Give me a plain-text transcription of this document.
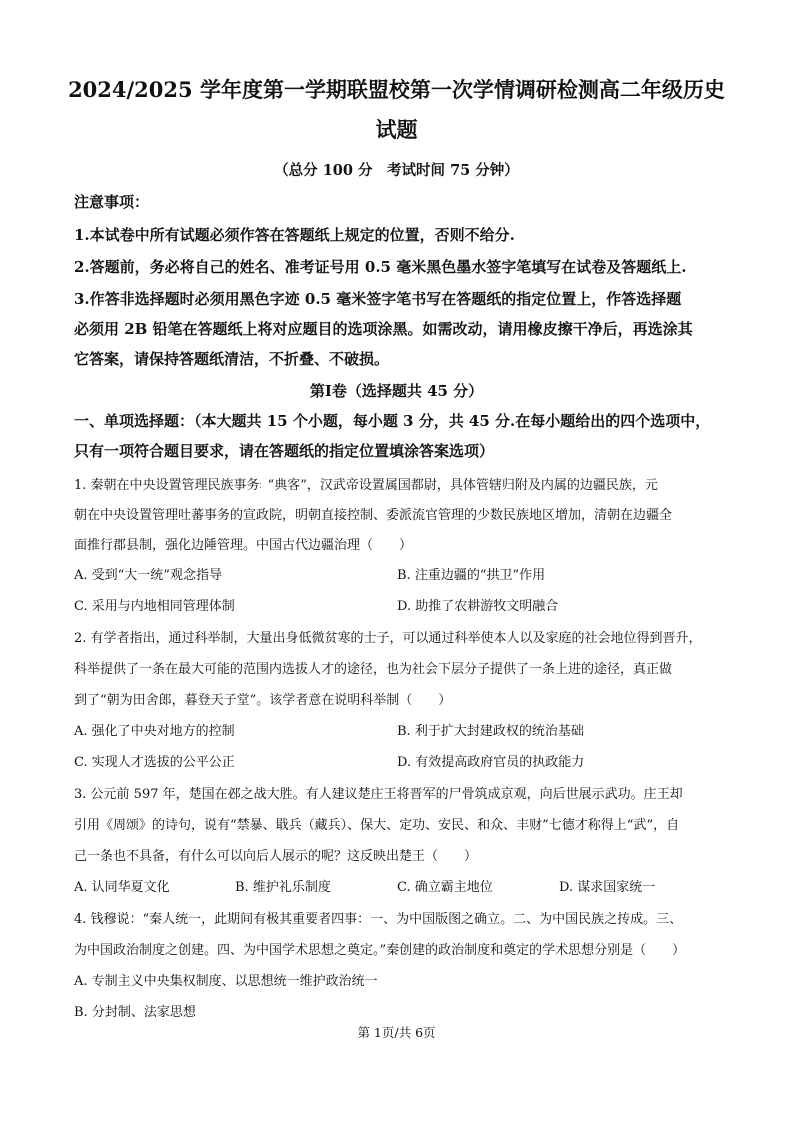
2024/2025 学年度第一学期联盟校第一次学情调研检测高二年级历史
试题
（总分 100 分　考试时间 75 分钟）
注意事项：
1.本试卷中所有试题必须作答在答题纸上规定的位置，否则不给分.
2.答题前，务必将自己的姓名、准考证号用 0.5 毫米黑色墨水签字笔填写在试卷及答题纸上.
3.作答非选择题时必须用黑色字迹 0.5 毫米签字笔书写在答题纸的指定位置上，作答选择题
必须用 2B 铅笔在答题纸上将对应题目的选项涂黑。如需改动，请用橡皮擦干净后，再选涂其
它答案，请保持答题纸清洁，不折叠、不破损。
第Ⅰ卷（选择题共 45 分）
一、单项选择题：（本大题共 15 个小题，每小题 3 分，共 45 分.在每小题给出的四个选项中，
只有一项符合题目要求，请在答题纸的指定位置填涂答案选项）
1. 秦朝在中央设置管理民族事务⁚ “典客”，汉武帝设置属国都尉，具体管辖归附及内属的边疆民族，元
朝在中央设置管理吐蕃事务的宣政院，明朝直接控制、委派流官管理的少数民族地区增加，清朝在边疆全
面推行郡县制，强化边陲管理。中国古代边疆治理（　　）
A. 受到“大一统”观念指导	B. 注重边疆的“拱卫”作用
C. 采用与内地相同管理体制	D. 助推了农耕游牧文明融合
2. 有学者指出，通过科举制，大量出身低微贫寒的士子，可以通过科举使本人以及家庭的社会地位得到晋升，
科举提供了一条在最大可能的范围内选拔人才的途径，也为社会下层分子提供了一条上进的途径，真正做
到了“朝为田舍郎，暮登天子堂”。该学者意在说明科举制（　　）
A. 强化了中央对地方的控制	B. 利于扩大封建政权的统治基础
C. 实现人才选拔的公平公正	D. 有效提高政府官员的执政能力
3. 公元前 597 年，楚国在邲之战大胜。有人建议楚庄王将晋军的尸骨筑成京观，向后世展示武功。庄王却
引用《周颂》的诗句，说有“禁暴、戢兵（藏兵）、保大、定功、安民、和众、丰财”七德才称得上“武”，自
己一条也不具备，有什么可以向后人展示的呢？这反映出楚王（　　）
A. 认同华夏文化	B. 维护礼乐制度	C. 确立霸主地位	D. 谋求国家统一
4. 钱穆说：“秦人统一，此期间有极其重要者四事：一、为中国版图之确立。二、为中国民族之抟成。三、
为中国政治制度之创建。四、为中国学术思想之奠定。”秦创建的政治制度和奠定的学术思想分别是（　　）
A. 专制主义中央集权制度、以思想统一维护政治统一
B. 分封制、法家思想
第 1页/共 6页
